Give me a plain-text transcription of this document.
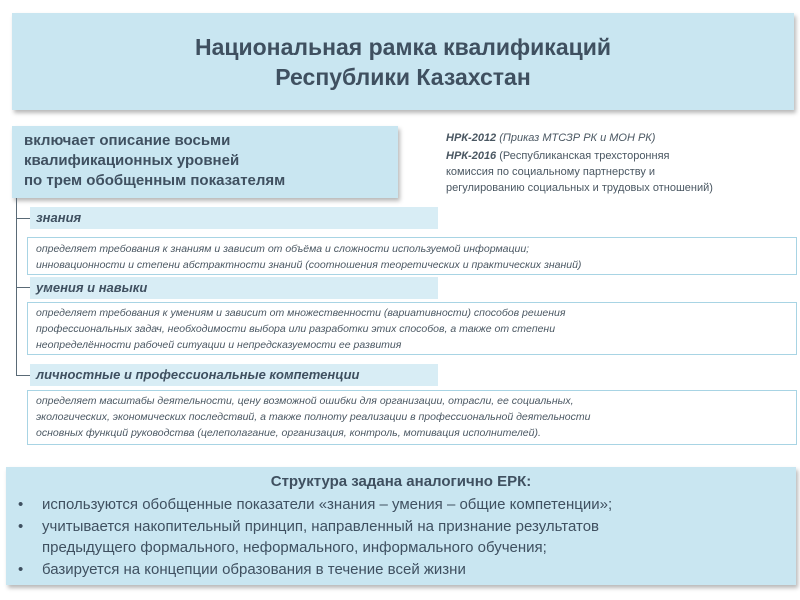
Национальная рамка квалификаций
Республики Казахстан
включает описание восьми
квалификационных уровней
по трем обобщенным показателям
НРК-2012 (Приказ МТСЗР РК и МОН РК)
НРК-2016 (Республиканская трехсторонняя
комиссия по социальному партнерству и
регулированию социальных и трудовых отношений)
знания
определяет требования к знаниям и зависит от объёма и сложности используемой информации;
инновационности и степени абстрактности знаний (соотношения теоретических и практических знаний)
умения и навыки
определяет требования к умениям и зависит от множественности (вариативности) способов решения
профессиональных задач, необходимости выбора или разработки этих способов, а также от степени
неопределённости рабочей ситуации и непредсказуемости ее развития
личностные и профессиональные компетенции
определяет масштабы деятельности, цену возможной ошибки для организации, отрасли, ее социальных,
экологических, экономических последствий, а также полноту реализации в профессиональной деятельности
основных функций руководства (целеполагание, организация, контроль, мотивация исполнителей).
Структура задана аналогично ЕРК:
• используются обобщенные показатели «знания – умения – общие компетенции»;
• учитывается накопительный принцип, направленный на признание результатов
предыдущего формального, неформального, информального обучения;
• базируется на концепции образования в течение всей жизни
